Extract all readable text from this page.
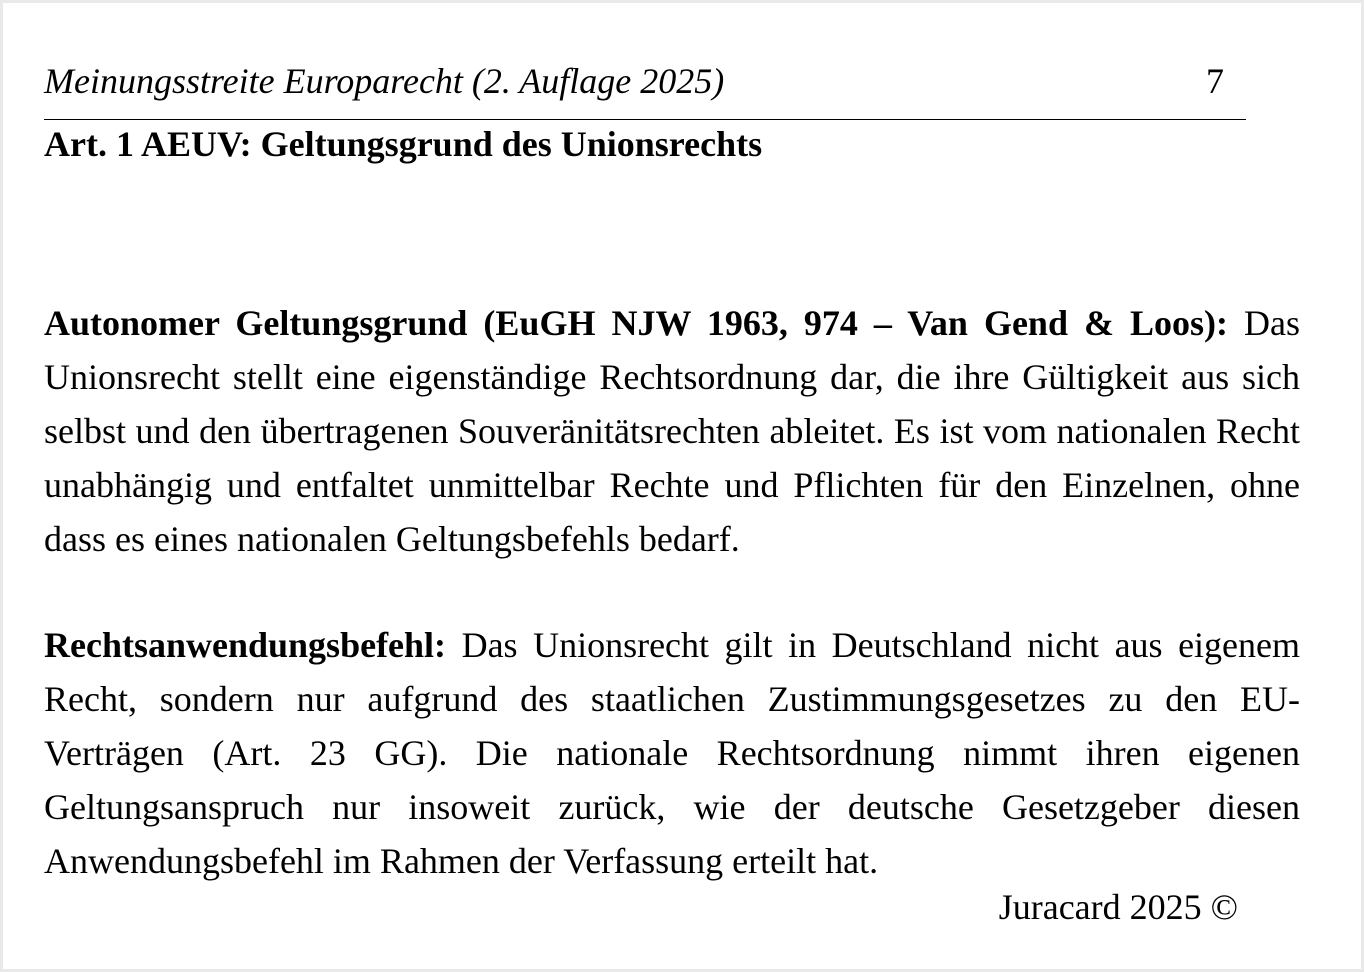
Meinungsstreite Europarecht (2. Auflage 2025)	7
Art. 1 AEUV: Geltungsgrund des Unionsrechts

Autonomer Geltungsgrund (EuGH NJW 1963, 974 – Van Gend & Loos): Das Unionsrecht stellt eine eigenständige Rechtsordnung dar, die ihre Gültigkeit aus sich selbst und den übertragenen Souveränitätsrechten ableitet. Es ist vom nationalen Recht unabhängig und entfaltet unmittelbar Rechte und Pflichten für den Einzelnen, ohne dass es eines nationalen Geltungsbefehls bedarf.

Rechtsanwendungsbefehl: Das Unionsrecht gilt in Deutschland nicht aus eigenem Recht, sondern nur aufgrund des staatlichen Zustimmungsgesetzes zu den EU-Verträgen (Art. 23 GG). Die nationale Rechtsordnung nimmt ihren eigenen Geltungsanspruch nur insoweit zurück, wie der deutsche Gesetzgeber diesen Anwendungsbefehl im Rahmen der Verfassung erteilt hat.

Juracard 2025 ©
